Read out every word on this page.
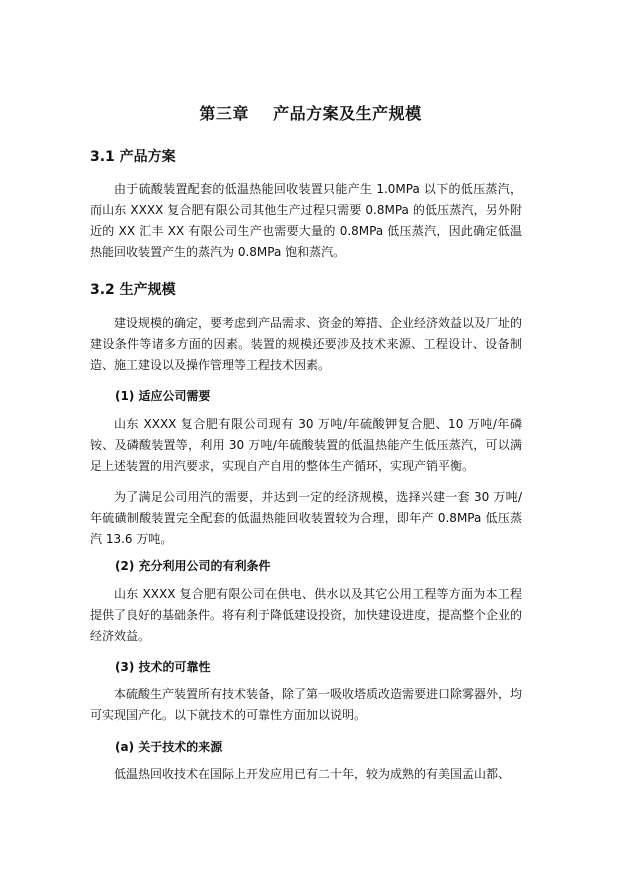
第三章    产品方案及生产规模
3.1 产品方案

由于硫酸装置配套的低温热能回收装置只能产生 1.0MPa 以下的低压蒸汽，而山东 XXXX 复合肥有限公司其他生产过程只需要 0.8MPa 的低压蒸汽，另外附近的 XX 汇丰 XX 有限公司生产也需要大量的 0.8MPa 低压蒸汽，因此确定低温热能回收装置产生的蒸汽为 0.8MPa 饱和蒸汽。

3.2 生产规模

建设规模的确定，要考虑到产品需求、资金的筹措、企业经济效益以及厂址的建设条件等诸多方面的因素。装置的规模还要涉及技术来源、工程设计、设备制造、施工建设以及操作管理等工程技术因素。

(1) 适应公司需要

山东 XXXX 复合肥有限公司现有 30 万吨/年硫酸钾复合肥、10 万吨/年磷铵、及磷酸装置等，利用 30 万吨/年硫酸装置的低温热能产生低压蒸汽，可以满足上述装置的用汽要求，实现自产自用的整体生产循环，实现产销平衡。

为了满足公司用汽的需要，并达到一定的经济规模，选择兴建一套 30 万吨/年硫磺制酸装置完全配套的低温热能回收装置较为合理，即年产 0.8MPa 低压蒸汽 13.6 万吨。

(2) 充分利用公司的有利条件

山东 XXXX 复合肥有限公司在供电、供水以及其它公用工程等方面为本工程提供了良好的基础条件。将有利于降低建设投资，加快建设进度，提高整个企业的经济效益。

(3) 技术的可靠性

本硫酸生产装置所有技术装备，除了第一吸收塔质改造需要进口除雾器外，均可实现国产化。以下就技术的可靠性方面加以说明。

(a) 关于技术的来源

低温热回收技术在国际上开发应用已有二十年，较为成熟的有美国孟山都、
